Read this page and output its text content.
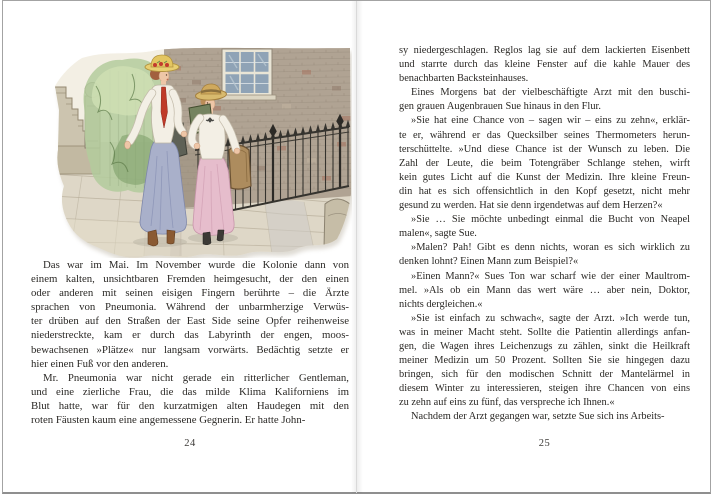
Das war im Mai. Im November wurde die Kolonie dann von
einem kalten, unsichtbaren Fremden heimgesucht, der den einen
oder anderen mit seinen eisigen Fingern berührte – die Ärzte
sprachen von Pneumonia. Während der unbarmherzige Verwüs-
ter drüben auf den Straßen der East Side seine Opfer reihenweise
niederstreckte, kam er durch das Labyrinth der engen, moos-
bewachsenen »Plätze« nur langsam vorwärts. Bedächtig setzte er
hier einen Fuß vor den anderen.
Mr. Pneumonia war nicht gerade ein ritterlicher Gentleman,
und eine zierliche Frau, die das milde Klima Kaliforniens im
Blut hatte, war für den kurzatmigen alten Haudegen mit den
roten Fäusten kaum eine angemessene Gegnerin. Er hatte John-
sy niedergeschlagen. Reglos lag sie auf dem lackierten Eisenbett
und starrte durch das kleine Fenster auf die kahle Mauer des
benachbarten Backsteinhauses.
Eines Morgens bat der vielbeschäftigte Arzt mit den buschi-
gen grauen Augenbrauen Sue hinaus in den Flur.
»Sie hat eine Chance von – sagen wir – eins zu zehn«, erklär-
te er, während er das Quecksilber seines Thermometers herun-
terschüttelte. »Und diese Chance ist der Wunsch zu leben. Die
Zahl der Leute, die beim Totengräber Schlange stehen, wirft
kein gutes Licht auf die Kunst der Medizin. Ihre kleine Freun-
din hat es sich offensichtlich in den Kopf gesetzt, nicht mehr
gesund zu werden. Hat sie denn irgendetwas auf dem Herzen?«
»Sie … Sie möchte unbedingt einmal die Bucht von Neapel
malen«, sagte Sue.
»Malen? Pah! Gibt es denn nichts, woran es sich wirklich zu
denken lohnt? Einen Mann zum Beispiel?«
»Einen Mann?« Sues Ton war scharf wie der einer Maultrom-
mel. »Als ob ein Mann das wert wäre … aber nein, Doktor,
nichts dergleichen.«
»Sie ist einfach zu schwach«, sagte der Arzt. »Ich werde tun,
was in meiner Macht steht. Sollte die Patientin allerdings anfan-
gen, die Wagen ihres Leichenzugs zu zählen, sinkt die Heilkraft
meiner Medizin um 50 Prozent. Sollten Sie sie hingegen dazu
bringen, sich für den modischen Schnitt der Mantelärmel in
diesem Winter zu interessieren, steigen ihre Chancen von eins
zu zehn auf eins zu fünf, das verspreche ich Ihnen.«
Nachdem der Arzt gegangen war, setzte Sue sich ins Arbeits-
24	25
